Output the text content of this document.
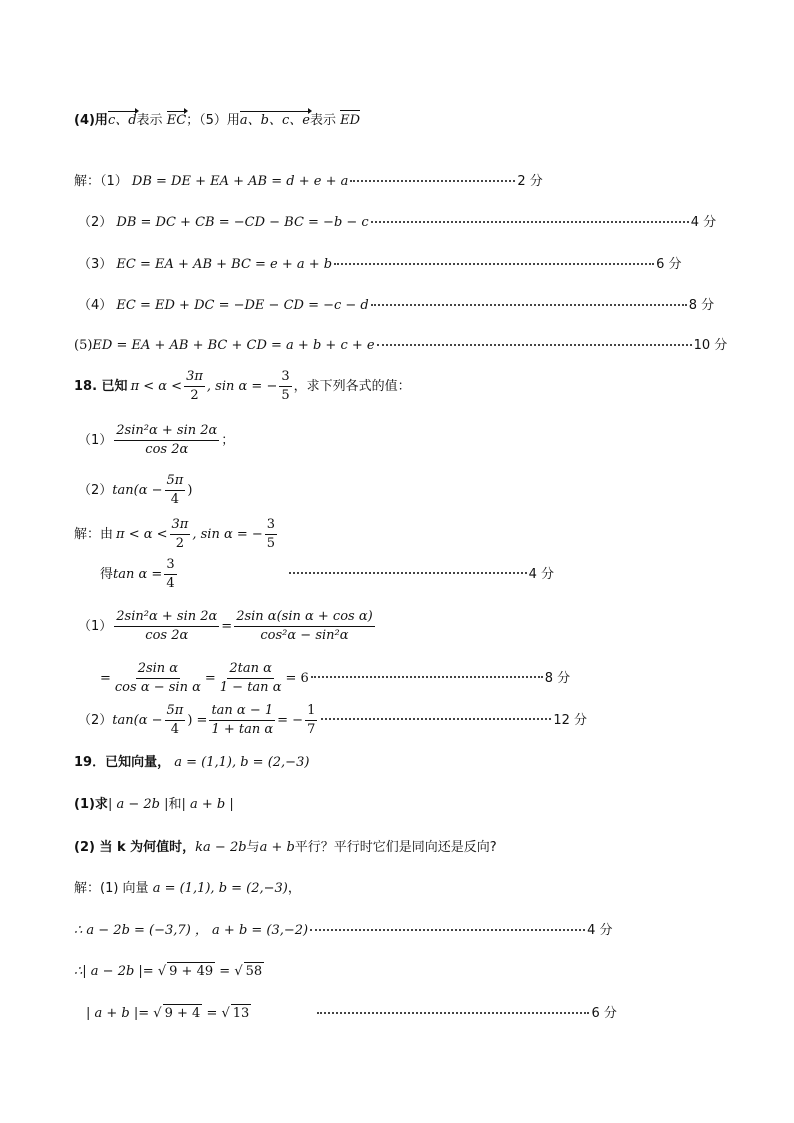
(4)用c、d表示 EC；（5）用a、b、c、e表示 ED
解：（1） DB = DE + EA + AB = d + e + a	2 分
（2） DB = DC + CB = −CD − BC = −b − c	4 分
（3） EC = EA + AB + BC = e + a + b	6 分
（4） EC = ED + DC = −DE − CD = −c − d	8 分
(5)ED = EA + AB + BC + CD = a + b + c + e	10 分
18. 已知 $\pi < \alpha < \frac{3\pi}{2}$ , sin α = − $\frac{3}{5}$ ，求下列各式的值：
$(1) \frac{\text{2sin²α + sin 2α}}{\cos 2\alpha}$ ；
（2） $\tan(\alpha - \frac{5\pi}{4}$ )
解：由 $\pi < \alpha < \frac{3\pi}{2}$ , sin α = − $\frac{3}{5}$
得 $\tan \alpha = \frac{3}{4}$	4 分
$(1) \frac{\text{2sin²α + sin 2α}}{\cos 2\alpha} = \frac{\text{2sin α(sin α + cos α)}}{\text{cos²α − sin²α}}$
= $\frac{\text{2sin α}}{\text{cos α − sin α}} = \frac{\text{2tan α}}{\text{1 − tan α}} = 6$	8 分
（2） $\tan(\alpha - \frac{5\pi}{4}$ ) = $\frac{\text{tan α − 1}}{\text{1 + tan α}}$ = − $\frac{1}{7}$	12 分
19．已知向量， a = (1,1), b = (2,−3)
(1)求| a − 2b |和| a + b |
(2) 当 k 为何值时，ka − 2b与a + b平行？平行时它们是同向还是反向?
解：(1) 向量 a = (1,1), b = (2,−3)，
∴ a − 2b = (−3,7) ， a + b = (3,−2)	4 分
∴| a − 2b |= √ 9 + 49 = √ 58
| a + b |= √ 9 + 4 = √ 13	6 分
